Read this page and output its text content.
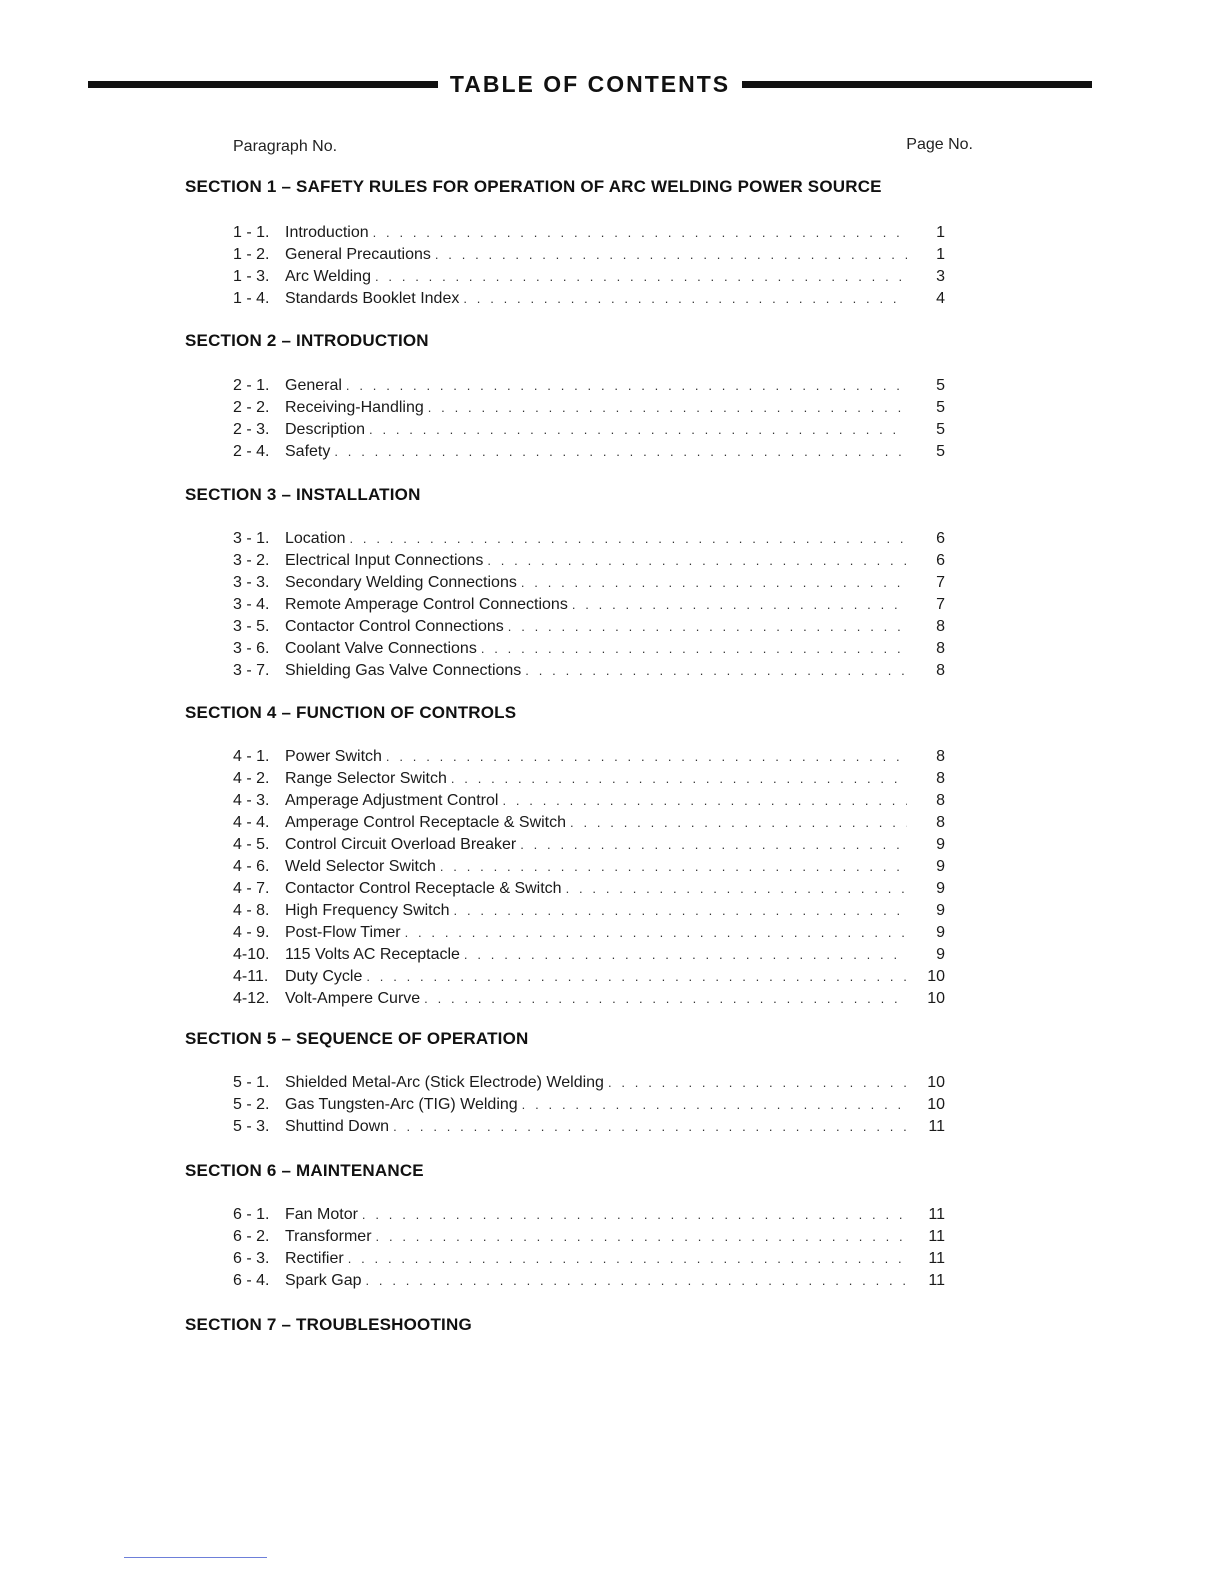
TABLE OF CONTENTS
Paragraph No.	Page No.
SECTION 1 – SAFETY RULES FOR OPERATION OF ARC WELDING POWER SOURCE
1 - 1. Introduction . . .	1
1 - 2. General Precautions . . .	1
1 - 3. Arc Welding . . .	3
1 - 4. Standards Booklet Index . . .	4
SECTION 2 – INTRODUCTION
2 - 1. General . . .	5
2 - 2. Receiving-Handling . . .	5
2 - 3. Description . . .	5
2 - 4. Safety . . .	5
SECTION 3 – INSTALLATION
3 - 1. Location . . .	6
3 - 2. Electrical Input Connections . . .	6
3 - 3. Secondary Welding Connections . . .	7
3 - 4. Remote Amperage Control Connections . . .	7
3 - 5. Contactor Control Connections . . .	8
3 - 6. Coolant Valve Connections . . .	8
3 - 7. Shielding Gas Valve Connections . . .	8
SECTION 4 – FUNCTION OF CONTROLS
4 - 1. Power Switch . . .	8
4 - 2. Range Selector Switch . . .	8
4 - 3. Amperage Adjustment Control . . .	8
4 - 4. Amperage Control Receptacle & Switch . . .	8
4 - 5. Control Circuit Overload Breaker . . .	9
4 - 6. Weld Selector Switch . . .	9
4 - 7. Contactor Control Receptacle & Switch . . .	9
4 - 8. High Frequency Switch . . .	9
4 - 9. Post-Flow Timer . . .	9
4-10. 115 Volts AC Receptacle . . .	9
4-11.	Duty Cycle . . .	10
4-12. Volt-Ampere Curve . . .	10
SECTION 5 – SEQUENCE OF OPERATION
5 - 1. Shielded Metal-Arc (Stick Electrode) Welding . . .	10
5 - 2. Gas Tungsten-Arc (TIG) Welding . . .	10
5 - 3. Shuttind Down . . .	11
SECTION 6 – MAINTENANCE
6 - 1. Fan Motor . . .	11
6 - 2. Transformer . . .	11
6 - 3. Rectifier . . .	11
6 - 4. Spark Gap . . .	11
SECTION 7 – TROUBLESHOOTING
